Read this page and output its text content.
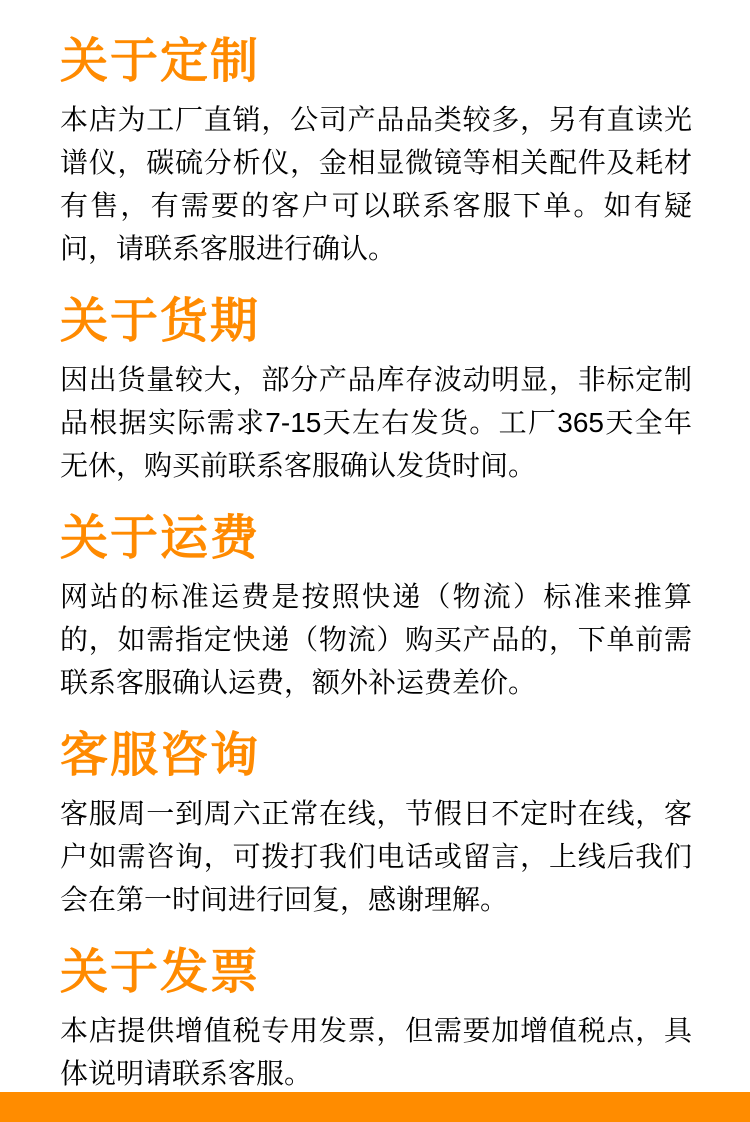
关于定制
本店为工厂直销，公司产品品类较多，另有直读光谱仪，碳硫分析仪，金相显微镜等相关配件及耗材有售，有需要的客户可以联系客服下单。如有疑问，请联系客服进行确认。
关于货期
因出货量较大，部分产品库存波动明显，非标定制品根据实际需求7-15天左右发货。工厂365天全年无休，购买前联系客服确认发货时间。
关于运费
网站的标准运费是按照快递（物流）标准来推算的，如需指定快递（物流）购买产品的，下单前需联系客服确认运费，额外补运费差价。
客服咨询
客服周一到周六正常在线，节假日不定时在线，客户如需咨询，可拨打我们电话或留言，上线后我们会在第一时间进行回复，感谢理解。
关于发票
本店提供增值税专用发票，但需要加增值税点，具体说明请联系客服。
